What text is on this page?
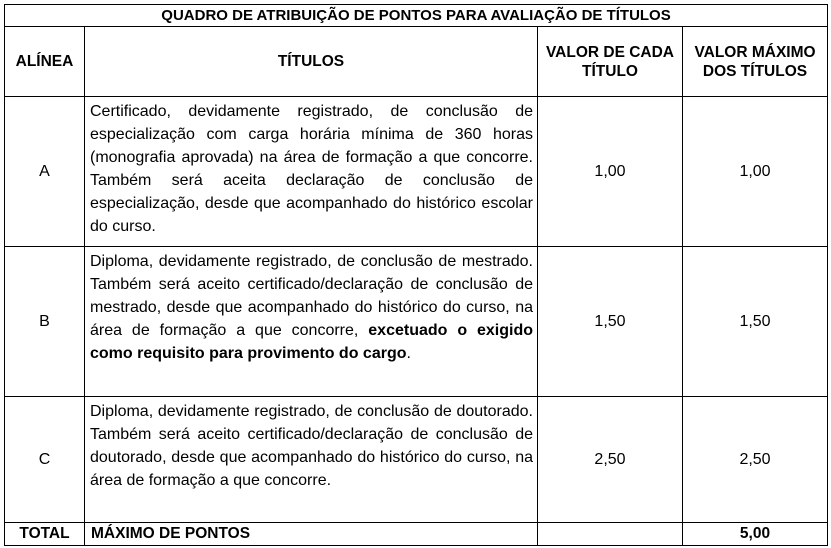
QUADRO DE ATRIBUIÇÃO DE PONTOS PARA AVALIAÇÃO DE TÍTULOS			
ALÍNEA	TÍTULOS	VALOR DE CADA TÍTULO	VALOR MÁXIMO DOS TÍTULOS
A	Certificado, devidamente registrado, de conclusão de especialização com carga horária mínima de 360 horas (monografia aprovada) na área de formação a que concorre. Também será aceita declaração de conclusão de especialização, desde que acompanhado do histórico escolar do curso.	1,00	1,00
B	Diploma, devidamente registrado, de conclusão de mestrado. Também será aceito certificado/declaração de conclusão de mestrado, desde que acompanhado do histórico do curso, na área de formação a que concorre, excetuado o exigido como requisito para provimento do cargo.	1,50	1,50
C	Diploma, devidamente registrado, de conclusão de doutorado. Também será aceito certificado/declaração de conclusão de doutorado, desde que acompanhado do histórico do curso, na área de formação a que concorre.	2,50	2,50
TOTAL	MÁXIMO DE PONTOS		5,00
